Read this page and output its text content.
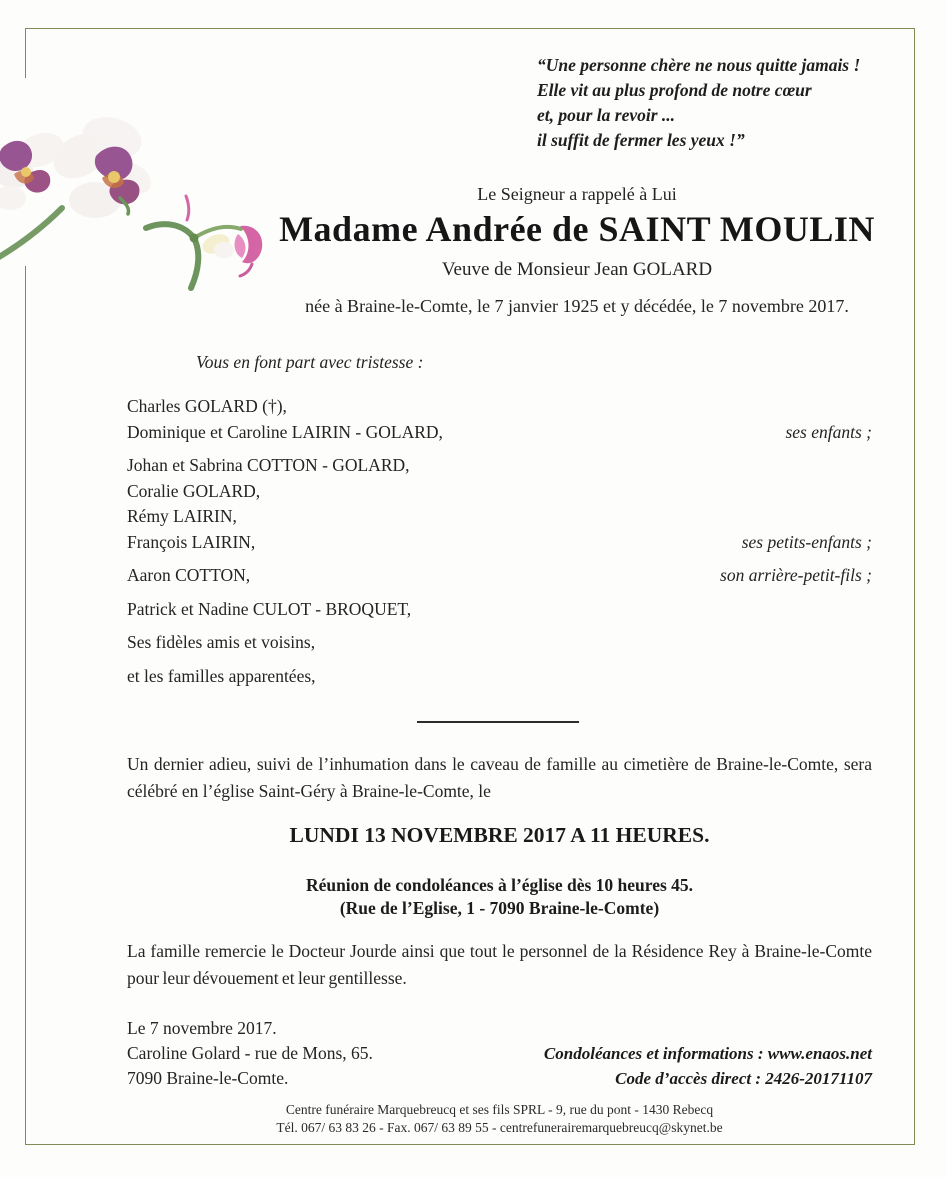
“Une personne chère ne nous quitte jamais !
Elle vit au plus profond de notre cœur
et, pour la revoir ...
il suffit de fermer les yeux !”
Le Seigneur a rappelé à Lui
Madame Andrée de SAINT MOULIN
Veuve de Monsieur Jean GOLARD
née à Braine-le-Comte, le 7 janvier 1925 et y décédée, le 7 novembre 2017.
Vous en font part avec tristesse :
Charles GOLARD (†),
Dominique et Caroline LAIRIN - GOLARD,	ses enfants ;
Johan et Sabrina COTTON - GOLARD,
Coralie GOLARD,
Rémy LAIRIN,
François LAIRIN,	ses petits-enfants ;
Aaron COTTON,	son arrière-petit-fils ;
Patrick et Nadine CULOT - BROQUET,
Ses fidèles amis et voisins,
et les familles apparentées,
Un dernier adieu, suivi de l’inhumation dans le caveau de famille au cimetière de Braine-le-Comte, sera célébré en l’église Saint-Géry à Braine-le-Comte, le
LUNDI 13 NOVEMBRE 2017 A 11 HEURES.
Réunion de condoléances à l’église dès 10 heures 45.
(Rue de l’Eglise, 1 - 7090 Braine-le-Comte)
La famille remercie le Docteur Jourde ainsi que tout le personnel de la Résidence Rey à Braine-le-Comte pour leur dévouement et leur gentillesse.
Le 7 novembre 2017.
Caroline Golard - rue de Mons, 65.
7090 Braine-le-Comte.
Condoléances et informations : www.enaos.net
Code d’accès direct : 2426-20171107
Centre funéraire Marquebreucq et ses fils SPRL - 9, rue du pont - 1430 Rebecq
Tél. 067/ 63 83 26 - Fax. 067/ 63 89 55 - centrefunerairemarquebreucq@skynet.be
